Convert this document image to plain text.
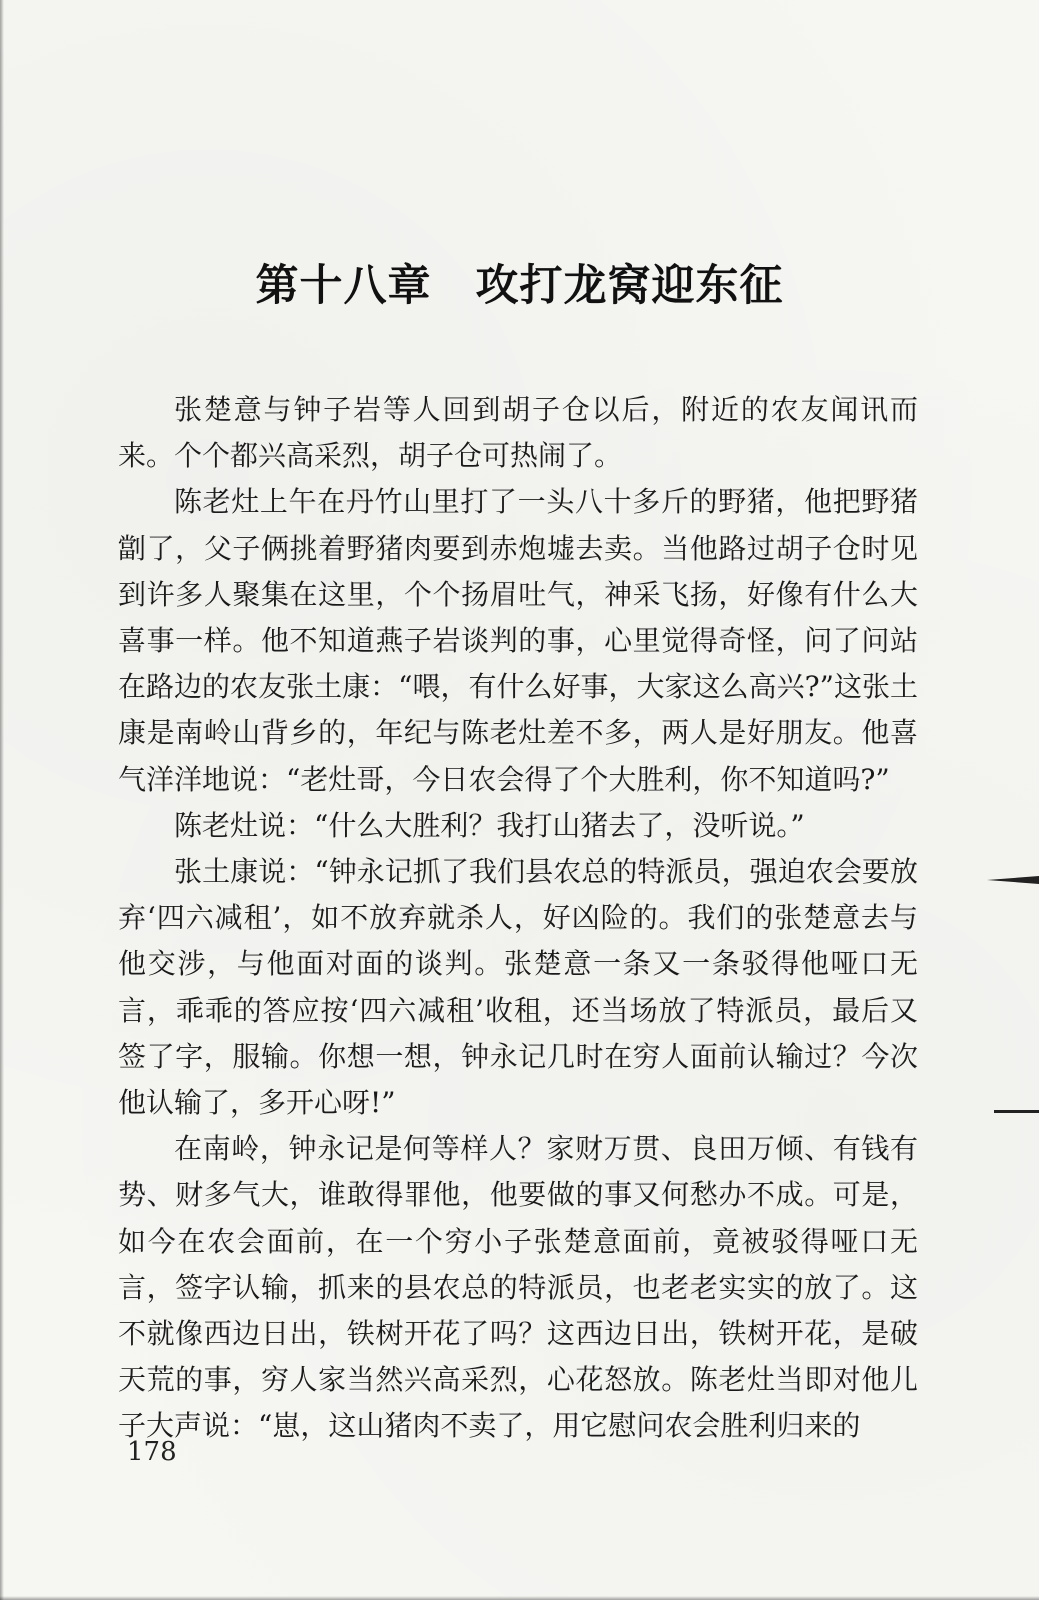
第十八章 攻打龙窝迎东征

张楚意与钟子岩等人回到胡子仓以后，附近的农友闻讯而来。个个都兴高采烈，胡子仓可热闹了。

陈老灶上午在丹竹山里打了一头八十多斤的野猪，他把野猪劏了，父子俩挑着野猪肉要到赤炮墟去卖。当他路过胡子仓时见到许多人聚集在这里，个个扬眉吐气，神采飞扬，好像有什么大喜事一样。他不知道燕子岩谈判的事，心里觉得奇怪，问了问站在路边的农友张土康：“喂，有什么好事，大家这么高兴?”这张土康是南岭山背乡的，年纪与陈老灶差不多，两人是好朋友。他喜气洋洋地说：“老灶哥，今日农会得了个大胜利，你不知道吗?”

陈老灶说：“什么大胜利？我打山猪去了，没听说。”

张土康说：“钟永记抓了我们县农总的特派员，强迫农会要放弃‘四六减租’，如不放弃就杀人，好凶险的。我们的张楚意去与他交涉，与他面对面的谈判。张楚意一条又一条驳得他哑口无言，乖乖的答应按‘四六减租’收租，还当场放了特派员，最后又签了字，服输。你想一想，钟永记几时在穷人面前认输过？今次他认输了，多开心呀!”

在南岭，钟永记是何等样人？家财万贯、良田万倾、有钱有势、财多气大，谁敢得罪他，他要做的事又何愁办不成。可是，如今在农会面前，在一个穷小子张楚意面前，竟被驳得哑口无言，签字认输，抓来的县农总的特派员，也老老实实的放了。这不就像西边日出，铁树开花了吗？这西边日出，铁树开花，是破天荒的事，穷人家当然兴高采烈，心花怒放。陈老灶当即对他儿子大声说：“崽，这山猪肉不卖了，用它慰问农会胜利归来的

178
